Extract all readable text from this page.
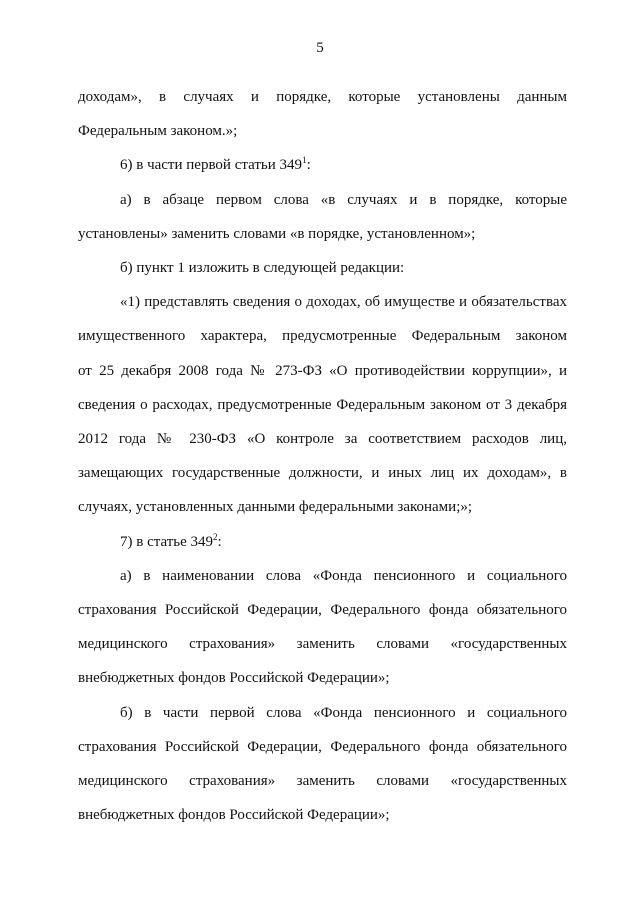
5
доходам», в случаях и порядке, которые установлены данным
Федеральным законом.»;
6) в части первой статьи $349^1$:
а) в абзаце первом слова «в случаях и в порядке, которые
установлены» заменить словами «в порядке, установленном»;
б) пункт 1 изложить в следующей редакции:
«1) представлять сведения о доходах, об имуществе и обязательствах
имущественного характера, предусмотренные Федеральным законом
от 25 декабря 2008 года № 273-ФЗ «О противодействии коррупции», и
сведения о расходах, предусмотренные Федеральным законом от 3 декабря
2012 года № 230-ФЗ «О контроле за соответствием расходов лиц,
замещающих государственные должности, и иных лиц их доходам», в
случаях, установленных данными федеральными законами;»;
7) в статье $349^2$:
а) в наименовании слова «Фонда пенсионного и социального
страхования Российской Федерации, Федерального фонда обязательного
медицинского страхования» заменить словами «государственных
внебюджетных фондов Российской Федерации»;
б) в части первой слова «Фонда пенсионного и социального
страхования Российской Федерации, Федерального фонда обязательного
медицинского страхования» заменить словами «государственных
внебюджетных фондов Российской Федерации»;
